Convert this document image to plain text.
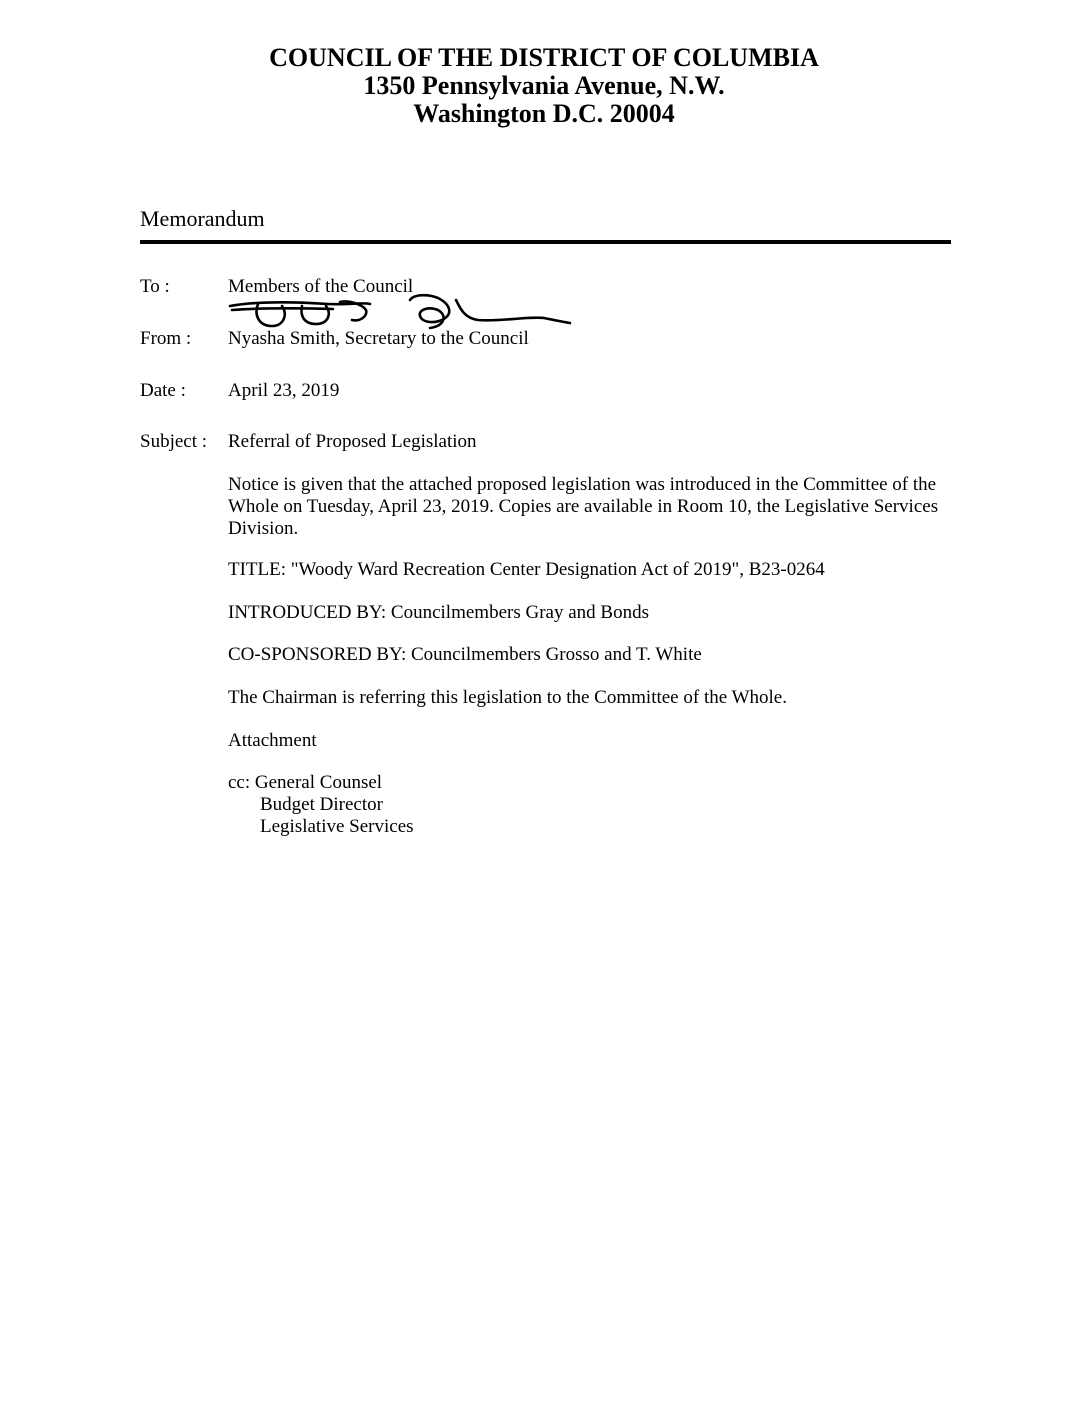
COUNCIL OF THE DISTRICT OF COLUMBIA
1350 Pennsylvania Avenue, N.W.
Washington D.C. 20004
Memorandum
To :	Members of the Council
From : Nyasha Smith, Secretary to the Council
Date : April 23, 2019
Subject : Referral of Proposed Legislation
Notice is given that the attached proposed legislation was introduced in the Committee of the Whole on Tuesday, April 23, 2019. Copies are available in Room 10, the Legislative Services Division.
TITLE: "Woody Ward Recreation Center Designation Act of 2019", B23-0264
INTRODUCED BY: Councilmembers Gray and Bonds
CO-SPONSORED BY: Councilmembers Grosso and T. White
The Chairman is referring this legislation to the Committee of the Whole.
Attachment
cc: General Counsel
Budget Director
Legislative Services
